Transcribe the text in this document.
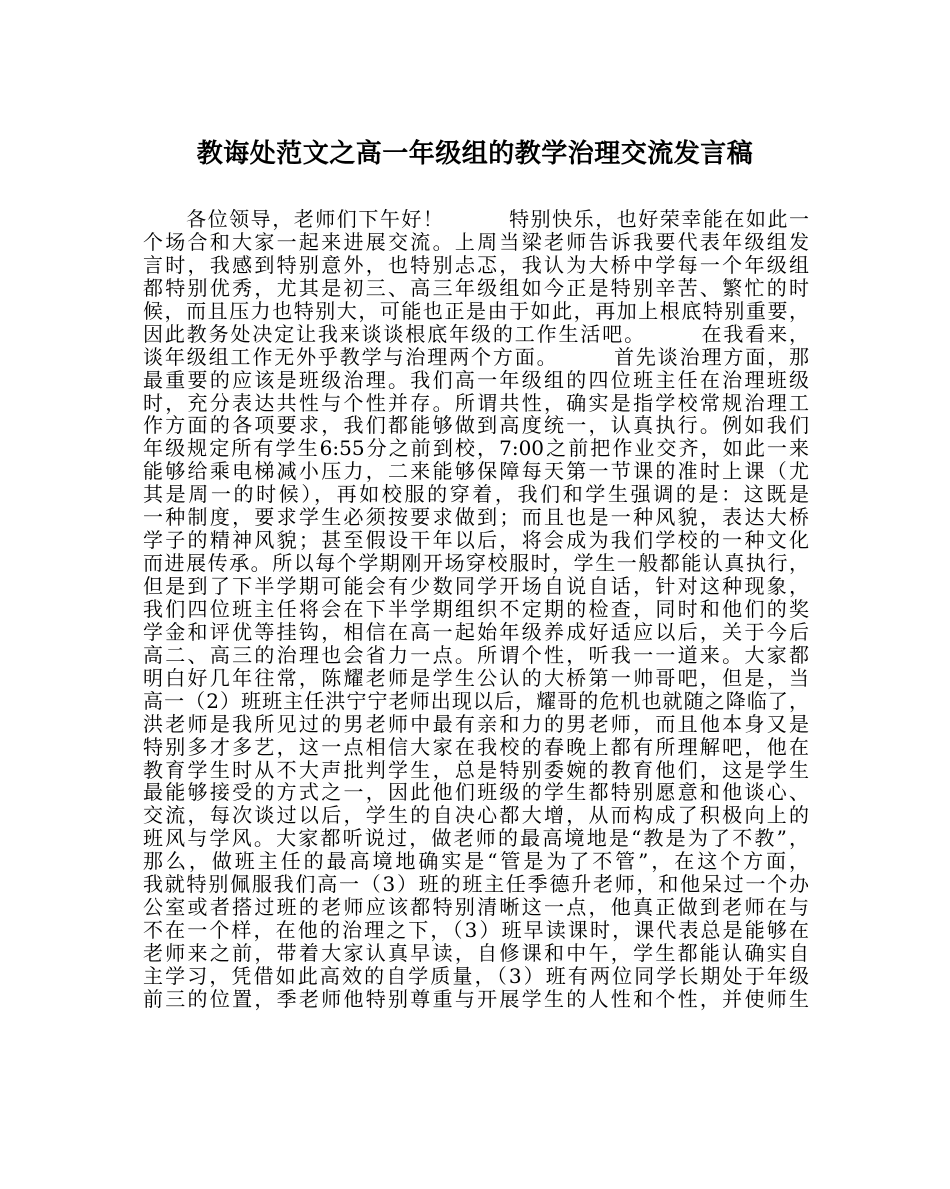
教诲处范文之高一年级组的教学治理交流发言稿
　　各位领导，老师们下午好！　　　特别快乐，也好荣幸能在如此一
个场合和大家一起来进展交流。上周当梁老师告诉我要代表年级组发
言时，我感到特别意外，也特别忐忑，我认为大桥中学每一个年级组
都特别优秀，尤其是初三、高三年级组如今正是特别辛苦、繁忙的时
候，而且压力也特别大，可能也正是由于如此，再加上根底特别重要，
因此教务处决定让我来谈谈根底年级的工作生活吧。　　　在我看来，
谈年级组工作无外乎教学与治理两个方面。　　　首先谈治理方面，那
最重要的应该是班级治理。我们高一年级组的四位班主任在治理班级
时，充分表达共性与个性并存。所谓共性，确实是指学校常规治理工
作方面的各项要求，我们都能够做到高度统一，认真执行。例如我们
年级规定所有学生6:55分之前到校，7:00之前把作业交齐，如此一来
能够给乘电梯减小压力，二来能够保障每天第一节课的准时上课（尤
其是周一的时候），再如校服的穿着，我们和学生强调的是：这既是
一种制度，要求学生必须按要求做到；而且也是一种风貌，表达大桥
学子的精神风貌；甚至假设干年以后，将会成为我们学校的一种文化
而进展传承。所以每个学期刚开场穿校服时，学生一般都能认真执行，
但是到了下半学期可能会有少数同学开场自说自话，针对这种现象，
我们四位班主任将会在下半学期组织不定期的检查，同时和他们的奖
学金和评优等挂钩，相信在高一起始年级养成好适应以后，关于今后
高二、高三的治理也会省力一点。所谓个性，听我一一道来。大家都
明白好几年往常，陈耀老师是学生公认的大桥第一帅哥吧，但是，当
高一（2）班班主任洪宁宁老师出现以后，耀哥的危机也就随之降临了，
洪老师是我所见过的男老师中最有亲和力的男老师，而且他本身又是
特别多才多艺，这一点相信大家在我校的春晚上都有所理解吧，他在
教育学生时从不大声批判学生，总是特别委婉的教育他们，这是学生
最能够接受的方式之一，因此他们班级的学生都特别愿意和他谈心、
交流，每次谈过以后，学生的自决心都大增，从而构成了积极向上的
班风与学风。大家都听说过，做老师的最高境地是“教是为了不教”，
那么，做班主任的最高境地确实是“管是为了不管”，在这个方面，
我就特别佩服我们高一（3）班的班主任季德升老师，和他呆过一个办
公室或者搭过班的老师应该都特别清晰这一点，他真正做到老师在与
不在一个样，在他的治理之下，（3）班早读课时，课代表总是能够在
老师来之前，带着大家认真早读，自修课和中午，学生都能认确实自
主学习，凭借如此高效的自学质量，（3）班有两位同学长期处于年级
前三的位置，季老师他特别尊重与开展学生的人性和个性，并使师生
